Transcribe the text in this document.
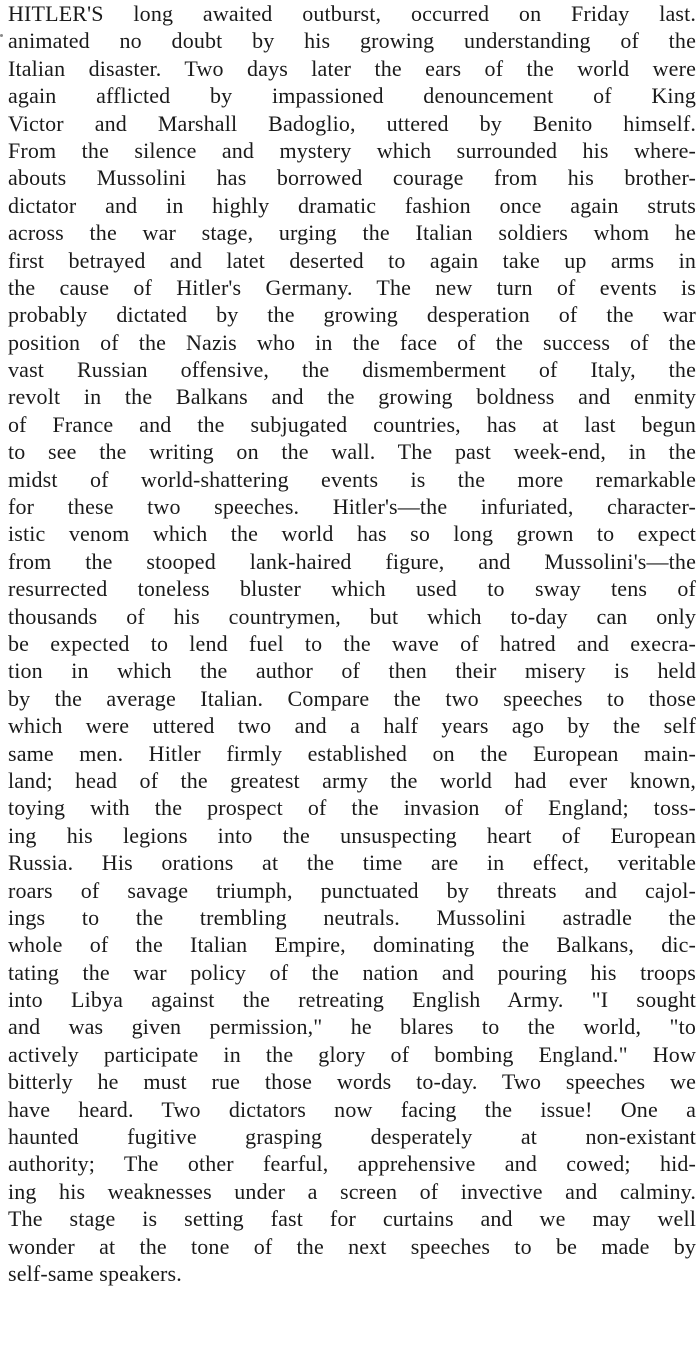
HITLER'S long awaited outburst, occurred on Friday last.
animated no doubt by his growing understanding of the
Italian disaster. Two days later the ears of the world were
again afflicted by impassioned denouncement of King
Victor and Marshall Badoglio, uttered by Benito himself.
From the silence and mystery which surrounded his where-
abouts Mussolini has borrowed courage from his brother-
dictator and in highly dramatic fashion once again struts
across the war stage, urging the Italian soldiers whom he
first betrayed and latet deserted to again take up arms in
the cause of Hitler's Germany. The new turn of events is
probably dictated by the growing desperation of the war
position of the Nazis who in the face of the success of the
vast Russian offensive, the dismemberment of Italy, the
revolt in the Balkans and the growing boldness and enmity
of France and the subjugated countries, has at last begun
to see the writing on the wall. The past week-end, in the
midst of world-shattering events is the more remarkable
for these two speeches. Hitler's—the infuriated, character-
istic venom which the world has so long grown to expect
from the stooped lank-haired figure, and Mussolini's—the
resurrected toneless bluster which used to sway tens of
thousands of his countrymen, but which to-day can only
be expected to lend fuel to the wave of hatred and execra-
tion in which the author of then their misery is held
by the average Italian. Compare the two speeches to those
which were uttered two and a half years ago by the self
same men. Hitler firmly established on the European main-
land; head of the greatest army the world had ever known,
toying with the prospect of the invasion of England; toss-
ing his legions into the unsuspecting heart of European
Russia. His orations at the time are in effect, veritable
roars of savage triumph, punctuated by threats and cajol-
ings to the trembling neutrals. Mussolini astradle the
whole of the Italian Empire, dominating the Balkans, dic-
tating the war policy of the nation and pouring his troops
into Libya against the retreating English Army. "I sought
and was given permission," he blares to the world, "to
actively participate in the glory of bombing England." How
bitterly he must rue those words to-day. Two speeches we
have heard. Two dictators now facing the issue! One a
haunted fugitive grasping desperately at non-existant
authority; The other fearful, apprehensive and cowed; hid-
ing his weaknesses under a screen of invective and calminy.
The stage is setting fast for curtains and we may well
wonder at the tone of the next speeches to be made by
self-same speakers.
